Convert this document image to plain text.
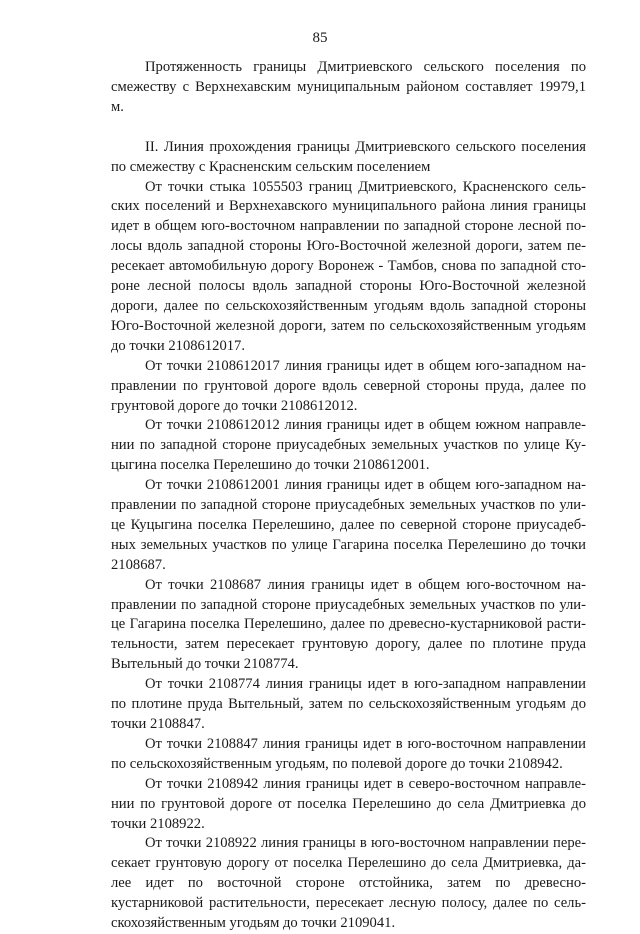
85

Протяженность границы Дмитриевского сельского поселения по смежеству с Верхнехавским муниципальным районом составляет 19979,1 м.

II. Линия прохождения границы Дмитриевского сельского поселения по смежеству с Красненским сельским поселением

От точки стыка 1055503 границ Дмитриевского, Красненского сельских поселений и Верхнехавского муниципального района линия границы идет в общем юго-восточном направлении по западной стороне лесной полосы вдоль западной стороны Юго-Восточной железной дороги, затем пересекает автомобильную дорогу Воронеж - Тамбов, снова по западной стороне лесной полосы вдоль западной стороны Юго-Восточной железной дороги, далее по сельскохозяйственным угодьям вдоль западной стороны Юго-Восточной железной дороги, затем по сельскохозяйственным угодьям до точки 2108612017.

От точки 2108612017 линия границы идет в общем юго-западном направлении по грунтовой дороге вдоль северной стороны пруда, далее по грунтовой дороге до точки 2108612012.

От точки 2108612012 линия границы идет в общем южном направлении по западной стороне приусадебных земельных участков по улице Куцыгина поселка Перелешино до точки 2108612001.

От точки 2108612001 линия границы идет в общем юго-западном направлении по западной стороне приусадебных земельных участков по улице Куцыгина поселка Перелешино, далее по северной стороне приусадебных земельных участков по улице Гагарина поселка Перелешино до точки 2108687.

От точки 2108687 линия границы идет в общем юго-восточном направлении по западной стороне приусадебных земельных участков по улице Гагарина поселка Перелешино, далее по древесно-кустарниковой растительности, затем пересекает грунтовую дорогу, далее по плотине пруда Вытельный до точки 2108774.

От точки 2108774 линия границы идет в юго-западном направлении по плотине пруда Вытельный, затем по сельскохозяйственным угодьям до точки 2108847.

От точки 2108847 линия границы идет в юго-восточном направлении по сельскохозяйственным угодьям, по полевой дороге до точки 2108942.

От точки 2108942 линия границы идет в северо-восточном направлении по грунтовой дороге от поселка Перелешино до села Дмитриевка до точки 2108922.

От точки 2108922 линия границы в юго-восточном направлении пересекает грунтовую дорогу от поселка Перелешино до села Дмитриевка, далее идет по восточной стороне отстойника, затем по древесно-кустарниковой растительности, пересекает лесную полосу, далее по сельскохозяйственным угодьям до точки 2109041.
